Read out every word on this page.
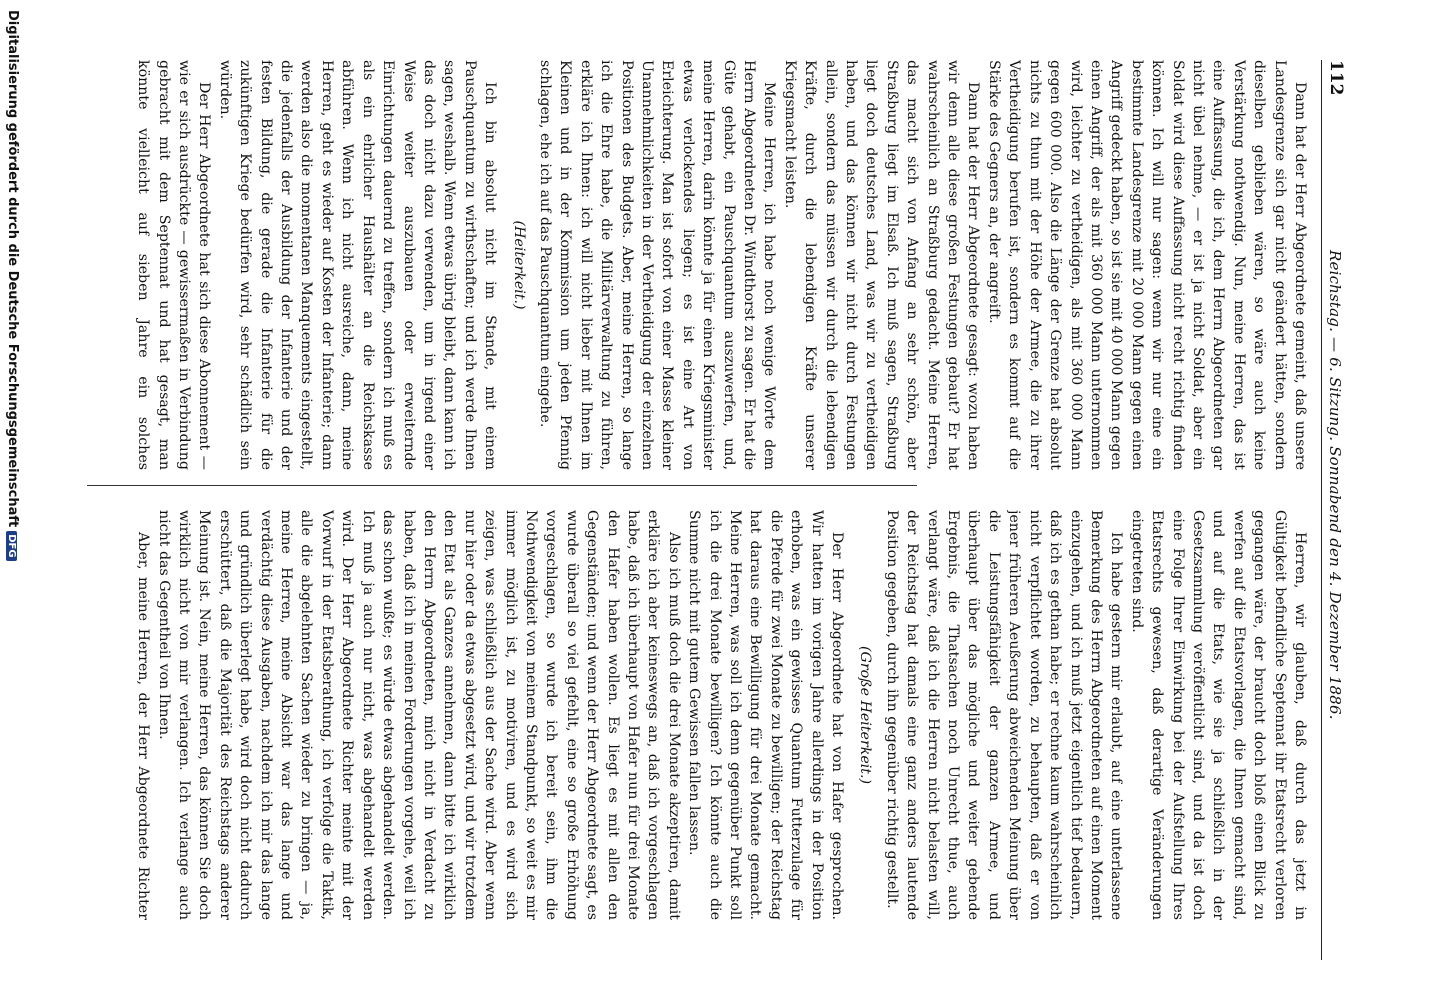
112
Reichstag. — 6. Sitzung. Sonnabend den 4. Dezember 1886.

Dann hat der Herr Abgeordnete gemeint, daß unsere Landesgrenze sich gar nicht geändert hätten, sondern dieselben geblieben wären, so wäre auch keine Verstärkung nothwendig. Nun, meine Herren, das ist eine Auffassung, die ich, dem Herrn Abgeordneten gar nicht übel nehme, — er ist ja nicht Soldat, aber ein Soldat wird diese Auffassung nicht recht richtig finden können. Ich will nur sagen: wenn wir nur eine ein bestimmte Landesgrenze mit 20 000 Mann gegen einen Angriff gedeckt haben, so ist sie mit 40 000 Mann gegen einen Angriff, der als mit 360 000 Mann unternommen wird, leichter zu vertheidigen, als mit 360 000 Mann gegen 600 000. Also die Länge der Grenze hat absolut nichts zu thun mit der Höhe der Armee, die zu ihrer Vertheidigung berufen ist, sondern es kommt auf die Stärke des Gegners an, der angreift.

Dann hat der Herr Abgeordnete gesagt: wozu haben wir denn alle diese großen Festungen gebaut? Er hat wahrscheinlich an Straßburg gedacht. Meine Herren, das macht sich von Anfang an sehr schön, aber Straßburg liegt im Elsaß. Ich muß sagen, Straßburg liegt doch deutsches Land, was wir zu vertheidigen haben, und das können wir nicht durch Festungen allein, sondern das müssen wir durch die lebendigen Kräfte, durch die lebendigen Kräfte unserer Kriegsmacht leisten.

Meine Herren, ich habe noch wenige Worte dem Herrn Abgeordneten Dr. Windthorst zu sagen. Er hat die Güte gehabt, ein Pauschquantum auszuwerfen, und, meine Herren, darin könnte ja für einen Kriegsminister etwas verlockendes liegen; es ist eine Art von Erleichterung. Man ist sofort von einer Masse kleiner Unannehmlichkeiten in der Vertheidigung der einzelnen Positionen des Budgets. Aber, meine Herren, so lange ich die Ehre habe, die Militärverwaltung zu führen, erkläre ich Ihnen: ich will nicht lieber mit Ihnen im Kleinen und in der Kommission um jeden Pfennig schlagen, ehe ich auf das Pauschquantum eingehe.

(Heiterkeit.)

Ich bin absolut nicht im Stande, mit einem Pauschquantum zu wirthschaften; und ich werde Ihnen sagen, weshalb. Wenn etwas übrig bleibt, dann kann ich das doch nicht dazu verwenden, um in irgend einer Weise weiter auszubauen oder erweiternde Einrichtungen dauernd zu treffen, sondern ich muß es als ein ehrlicher Haushälter an die Reichskasse abführen. Wenn ich nicht ausreiche, dann, meine Herren, geht es wieder auf Kosten der Infanterie; dann werden also die momentanen Manquements eingestellt, die jedenfalls der Ausbildung der Infanterie und der festen Bildung, die gerade die Infanterie für die zukünftigen Kriege bedürfen wird, sehr schädlich sein würden.

Der Herr Abgeordnete hat sich diese Abonnement — wie er sich ausdrückte — gewissermaßen in Verbindung gebracht mit dem Septennat und hat gesagt, man könnte vielleicht auf sieben Jahre ein solches

Herren, wir glauben, daß durch das jetzt in Gültigkeit befindliche Septennat ihr Etatsrecht verloren gegangen wäre, der braucht doch bloß einen Blick zu werfen auf die Etatsvorlagen, die Ihnen gemacht sind, und auf die Etats, wie sie ja schließlich in der Gesetzsammlung veröffentlicht sind, und da ist doch eine Folge Ihrer Einwirkung bei der Aufstellung Ihres Etatsrechts gewesen, daß derartige Veränderungen eingetreten sind.

Ich habe gestern mir erlaubt, auf eine unterlassene Bemerkung des Herrn Abgeordneten auf einen Moment einzugehen, und ich muß jetzt eigentlich tief bedauern, daß ich es gethan habe; er rechne kaum wahrscheinlich nicht verpflichtet worden, zu behaupten, daß er von jener früheren Aeußerung abweichenden Meinung über die Leistungsfähigkeit der ganzen Armee, und überhaupt über das mögliche und weiter gebende Ergebnis, die Thatsachen noch Unrecht thue, auch verlangt wäre, daß ich die Herren nicht belasten will, der Reichstag hat damals eine ganz anders lautende Position gegeben, durch ihn gegenüber richtig gestellt.

(Große Heiterkeit.)

Der Herr Abgeordnete hat von Hafer gesprochen. Wir hatten im vorigen Jahre allerdings in der Position erhoben, was ein gewisses Quantum Futterzulage für die Pferde für zwei Monate zu bewilligen; der Reichstag hat daraus eine Bewilligung für drei Monate gemacht. Meine Herren, was soll ich denn gegenüber Punkt soll ich die drei Monate bewilligen? Ich könnte auch die Summe nicht mit gutem Gewissen fallen lassen.

Also ich muß doch die drei Monate akzeptiren, damit erkläre ich aber keineswegs an, daß ich vorgeschlagen habe, daß ich überhaupt von Hafer nun für drei Monate den Hafer haben wollen. Es liegt es mit allen den Gegenständen; und wenn der Herr Abgeordnete sagt, es wurde überall so viel gefehlt, eine so große Erhöhung vorgeschlagen, so wurde ich bereit sein, ihm die Nothwendigkeit von meinem Standpunkt, so weit es mir immer möglich ist, zu motiviren, und es wird sich zeigen, was schließlich aus der Sache wird. Aber wenn nur hier oder da etwas abgesetzt wird, und wir trotzdem den Etat als Ganzes annehmen, dann bitte ich wirklich den Herrn Abgeordneten, mich nicht in Verdacht zu haben, daß ich in meinen Forderungen vorgehe, weil ich das schon wußte; es würde etwas abgehandelt werden. Ich muß ja auch nur nicht, was abgehandelt werden wird. Der Herr Abgeordnete Richter meinte mit der Vorwurf in der Etatsberathung, ich verfolge die Taktik, alle die abgelehnten Sachen wieder zu bringen — ja, meine Herren, meine Absicht war das lange und verdächtig diese Ausgaben, nachdem ich mir das lange und gründlich überlegt habe, wird doch nicht dadurch erschüttert, daß die Majorität des Reichstags anderer Meinung ist. Nein, meine Herren, das können Sie doch wirklich nicht von mir verlangen. Ich verlange auch nicht das Gegentheil von Ihnen.

Aber, meine Herren, der Herr Abgeordnete Richter

Digitalisierung gefördert durch die Deutsche ForschungsgemeinschaftDFG
